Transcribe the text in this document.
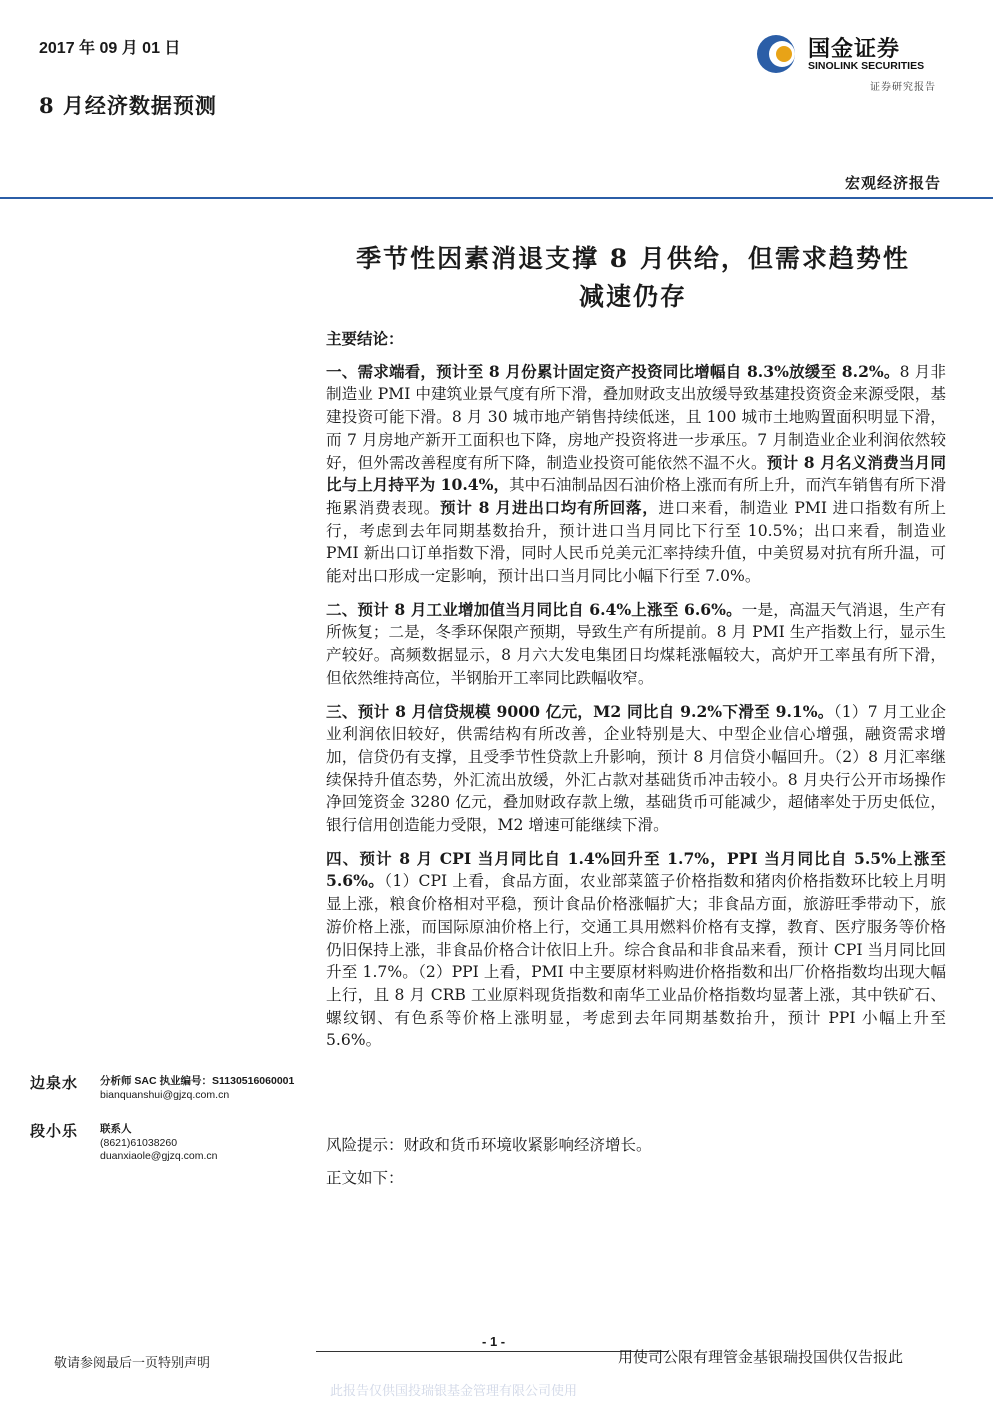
2017 年 09 月 01 日
8 月经济数据预测
国金证券
SINOLINK SECURITIES
证券研究报告
宏观经济报告
季节性因素消退支撑 8 月供给，但需求趋势性
减速仍存
主要结论：

一、需求端看，预计至 8 月份累计固定资产投资同比增幅自 8.3%放缓至 8.2%。8 月非制造业 PMI 中建筑业景气度有所下滑，叠加财政支出放缓导致基建投资资金来源受限，基建投资可能下滑。8 月 30 城市地产销售持续低迷，且 100 城市土地购置面积明显下滑，而 7 月房地产新开工面积也下降，房地产投资将进一步承压。7 月制造业企业利润依然较好，但外需改善程度有所下降，制造业投资可能依然不温不火。预计 8 月名义消费当月同比与上月持平为 10.4%，其中石油制品因石油价格上涨而有所上升，而汽车销售有所下滑拖累消费表现。预计 8 月进出口均有所回落，进口来看，制造业 PMI 进口指数有所上行，考虑到去年同期基数抬升，预计进口当月同比下行至 10.5%；出口来看，制造业 PMI 新出口订单指数下滑，同时人民币兑美元汇率持续升值，中美贸易对抗有所升温，可能对出口形成一定影响，预计出口当月同比小幅下行至 7.0%。

二、预计 8 月工业增加值当月同比自 6.4%上涨至 6.6%。一是，高温天气消退，生产有所恢复；二是，冬季环保限产预期，导致生产有所提前。8 月 PMI 生产指数上行，显示生产较好。高频数据显示，8 月六大发电集团日均煤耗涨幅较大，高炉开工率虽有所下滑，但依然维持高位，半钢胎开工率同比跌幅收窄。

三、预计 8 月信贷规模 9000 亿元，M2 同比自 9.2%下滑至 9.1%。（1）7 月工业企业利润依旧较好，供需结构有所改善，企业特别是大、中型企业信心增强，融资需求增加，信贷仍有支撑，且受季节性贷款上升影响，预计 8 月信贷小幅回升。（2）8 月汇率继续保持升值态势，外汇流出放缓，外汇占款对基础货币冲击较小。8 月央行公开市场操作净回笼资金 3280 亿元，叠加财政存款上缴，基础货币可能减少，超储率处于历史低位，银行信用创造能力受限，M2 增速可能继续下滑。

四、预计 8 月 CPI 当月同比自 1.4%回升至 1.7%，PPI 当月同比自 5.5%上涨至 5.6%。（1）CPI 上看，食品方面，农业部菜篮子价格指数和猪肉价格指数环比较上月明显上涨，粮食价格相对平稳，预计食品价格涨幅扩大；非食品方面，旅游旺季带动下，旅游价格上涨，而国际原油价格上行，交通工具用燃料价格有支撑，教育、医疗服务等价格仍旧保持上涨，非食品价格合计依旧上升。综合食品和非食品来看，预计 CPI 当月同比回升至 1.7%。（2）PPI 上看，PMI 中主要原材料购进价格指数和出厂价格指数均出现大幅上行，且 8 月 CRB 工业原料现货指数和南华工业品价格指数均显著上涨，其中铁矿石、螺纹钢、有色系等价格上涨明显，考虑到去年同期基数抬升，预计 PPI 小幅上升至 5.6%。

风险提示：财政和货币环境收紧影响经济增长。
正文如下：
边泉水 分析师 SAC 执业编号：S1130516060001
bianquanshui@gjzq.com.cn
段小乐 联系人
(8621)61038260
duanxiaole@gjzq.com.cn
- 1 -
敬请参阅最后一页特别声明	用使司公限有理管金基银瑞投国供仅告报此
此报告仅供国投瑞银基金管理有限公司使用
